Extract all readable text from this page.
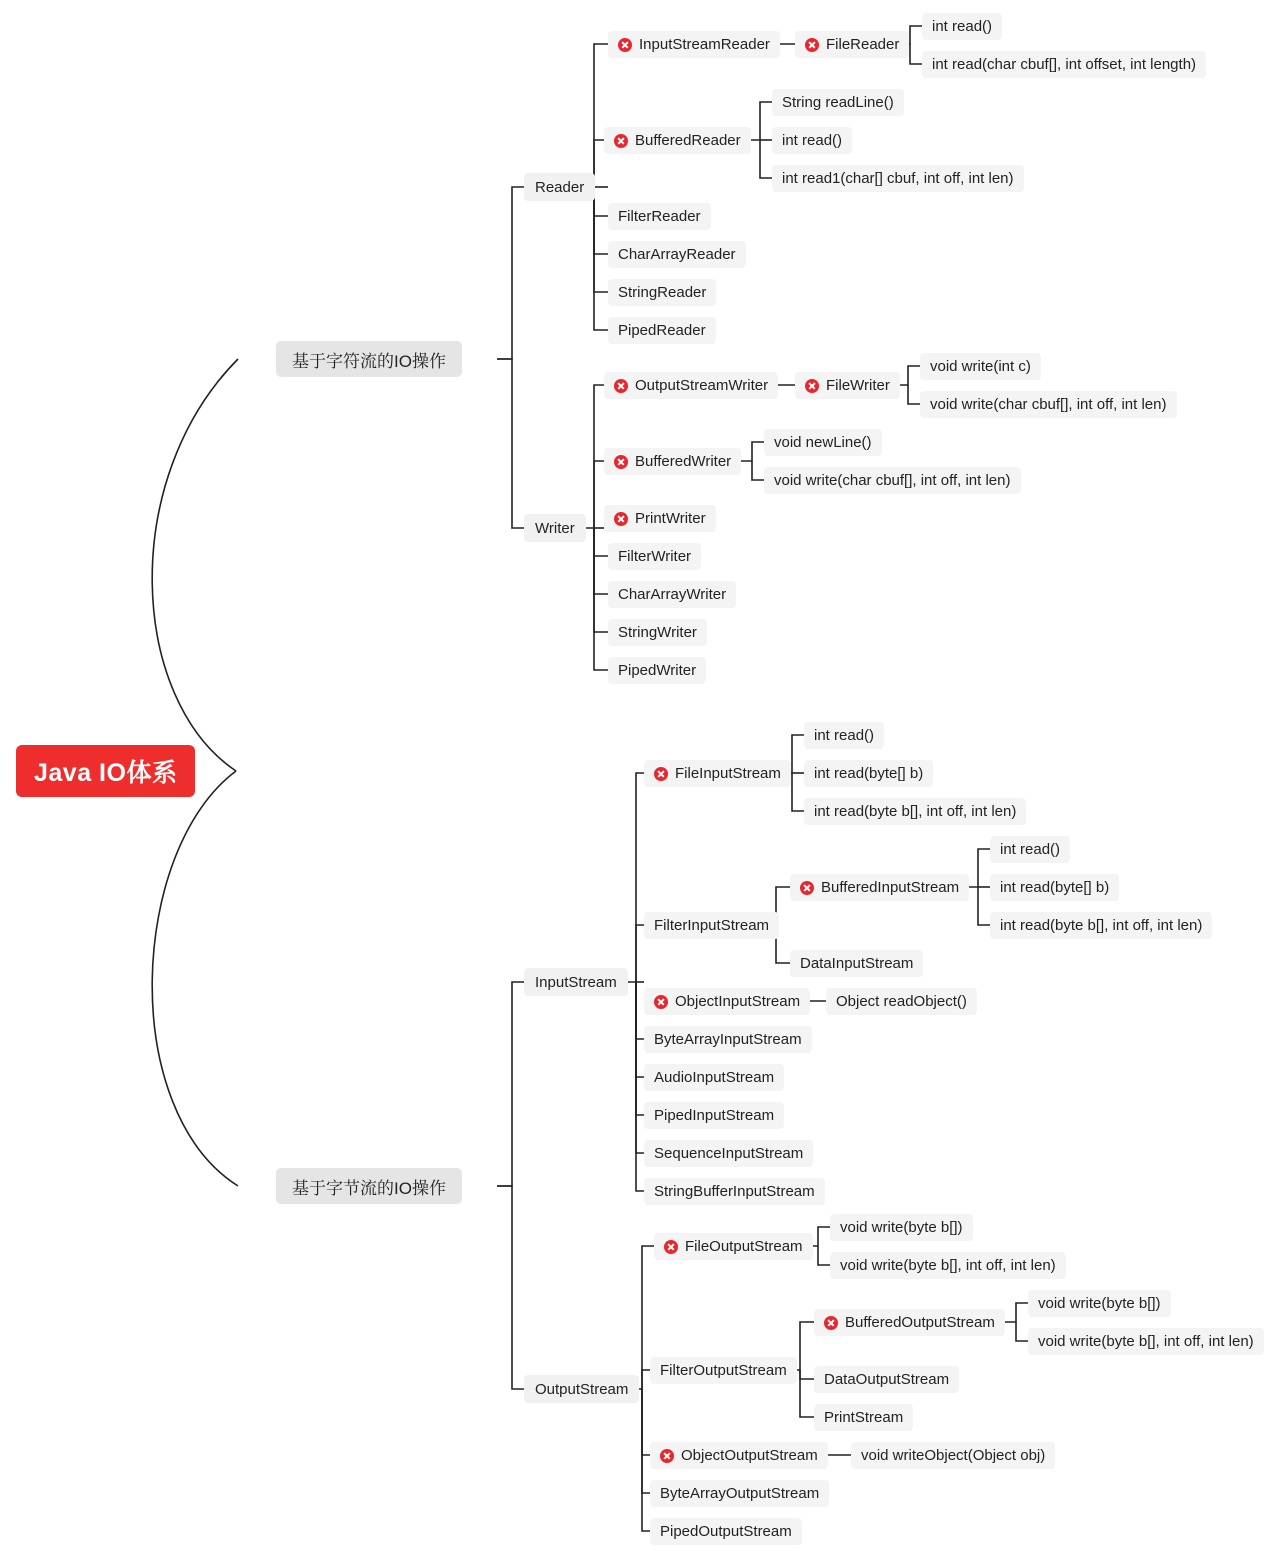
Java IO体系
基于字符流的IO操作
基于字节流的IO操作
Reader
InputStreamReader	FileReader
int read()
int read(char cbuf[], int offset, int length)
BufferedReader
String readLine()
int read()
int read1(char[] cbuf, int off, int len)
FilterReader
CharArrayReader
StringReader
PipedReader
Writer
OutputStreamWriter	FileWriter
void write(int c)
void write(char cbuf[], int off, int len)
BufferedWriter
void newLine()
void write(char cbuf[], int off, int len)
PrintWriter
FilterWriter
CharArrayWriter
StringWriter
PipedWriter
InputStream
FileInputStream
int read()
int read(byte[] b)
int read(byte b[], int off, int len)
FilterInputStream
BufferedInputStream
int read()
int read(byte[] b)
int read(byte b[], int off, int len)
DataInputStream
ObjectInputStream Object readObject()
ByteArrayInputStream
AudioInputStream
PipedInputStream
SequenceInputStream
StringBufferInputStream
OutputStream
FileOutputStream
void write(byte b[])
void write(byte b[], int off, int len)
FilterOutputStream
BufferedOutputStream
void write(byte b[])
void write(byte b[], int off, int len)
DataOutputStream
PrintStream
ObjectOutputStream	void writeObject(Object obj)
ByteArrayOutputStream
PipedOutputStream
